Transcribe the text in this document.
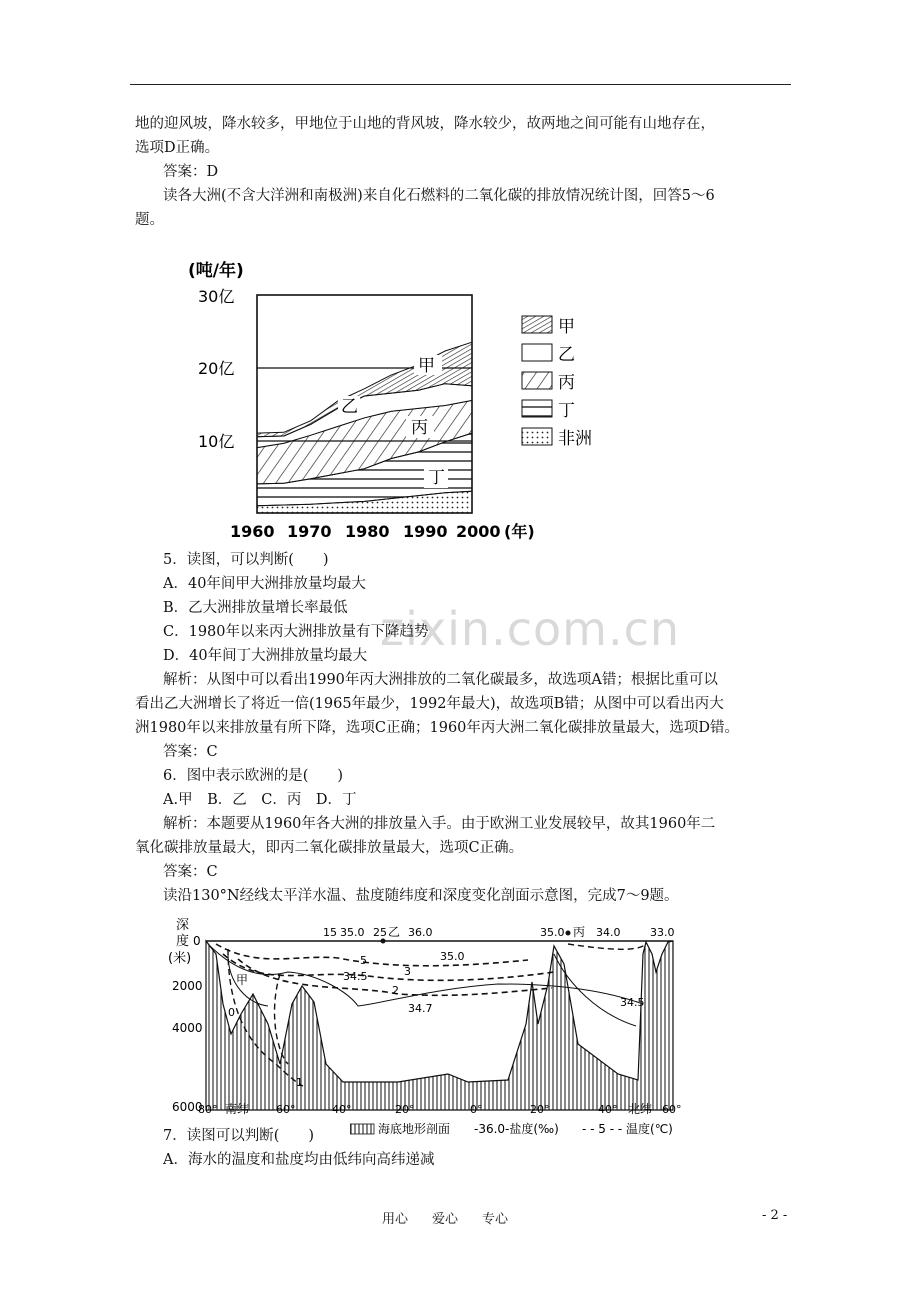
地的迎风坡，降水较多，甲地位于山地的背风坡，降水较少，故两地之间可能有山地存在，
选项D正确。
答案：D
读各大洲(不含大洋洲和南极洲)来自化石燃料的二氧化碳的排放情况统计图，回答5～6
题。
(吨/年)
30亿
20亿
10亿
甲
乙
丙
丁
1960 1970 1980 1990 2000 (年)
甲
乙
丙
丁
非洲
zixin.com.cn
5．读图，可以判断(　　)
A．40年间甲大洲排放量均最大
B．乙大洲排放量增长率最低
C．1980年以来丙大洲排放量有下降趋势
D．40年间丁大洲排放量均最大
解析：从图中可以看出1990年丙大洲排放的二氧化碳最多，故选项A错；根据比重可以
看出乙大洲增长了将近一倍(1965年最少，1992年最大)，故选项B错；从图中可以看出丙大
洲1980年以来排放量有所下降，选项C正确；1960年丙大洲二氧化碳排放量最大，选项D错。
答案：C
6．图中表示欧洲的是(　　)
A.甲　B．乙　C．丙　D．丁
解析：本题要从1960年各大洲的排放量入手。由于欧洲工业发展较早，故其1960年二
氧化碳排放量最大，即丙二氧化碳排放量最大，选项C正确。
答案：C
读沿130°N经线太平洋水温、盐度随纬度和深度变化剖面示意图，完成7～9题。
深
度
(米)
0
2000
4000
6000
15 35.0 25 乙 36.0	35.0 丙 34.0	33.0
甲
0
5
34.5	3
35.0
2
34.7	34.5
1
80° 南纬 60°	40°	20°	0°	20°	40° 北纬 60°
海底地形剖面 -36.0-盐度(‰) - - 5 - - 温度(℃)
7．读图可以判断(　　)
A．海水的温度和盐度均由低纬向高纬递减
用心 爱心 专心	- 2 -
